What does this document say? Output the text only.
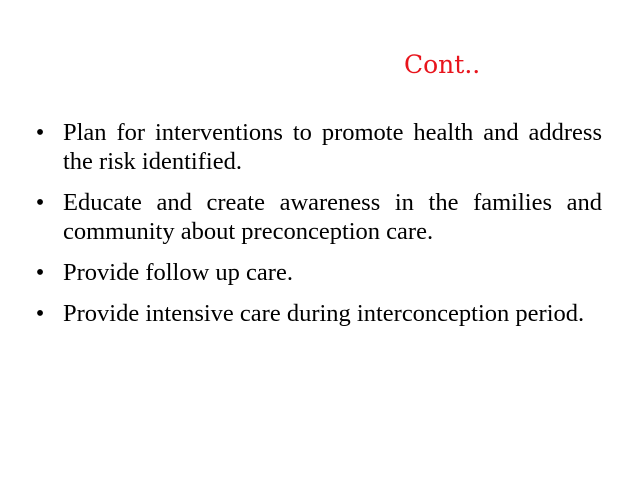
Cont..
• Plan for interventions to promote health and address the risk identified.
• Educate and create awareness in the families and community about preconception care.
• Provide follow up care.
• Provide intensive care during interconception period.
